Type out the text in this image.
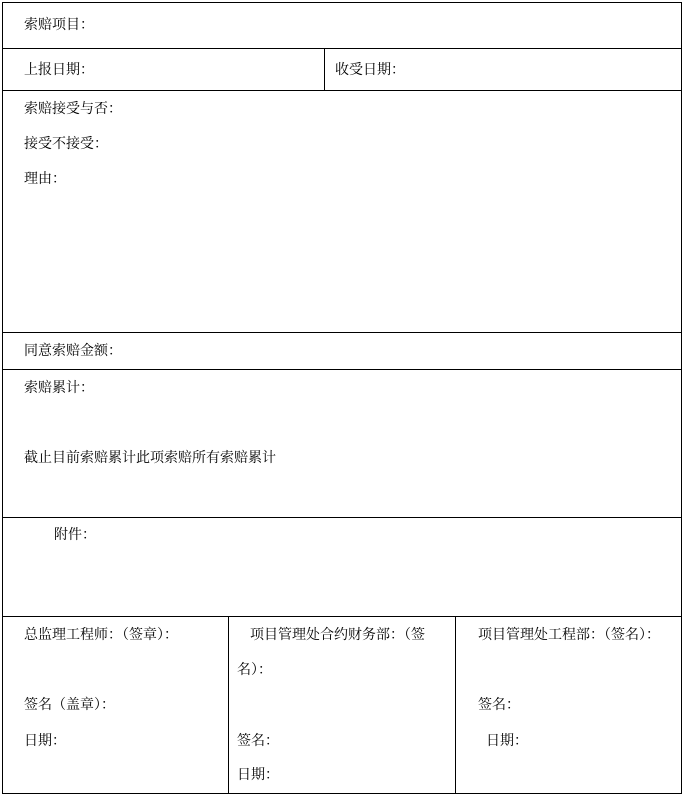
索赔项目：
上报日期：	收受日期：
索赔接受与否：
接受不接受：
理由：
同意索赔金额：
索赔累计：
截止目前索赔累计此项索赔所有索赔累计
附件：
总监理工程师：（签章）：
签名（盖章）：
日期：
项目管理处合约财务部：（签
名）：
签名：
日期：
项目管理处工程部：（签名）：
签名：
日期：
